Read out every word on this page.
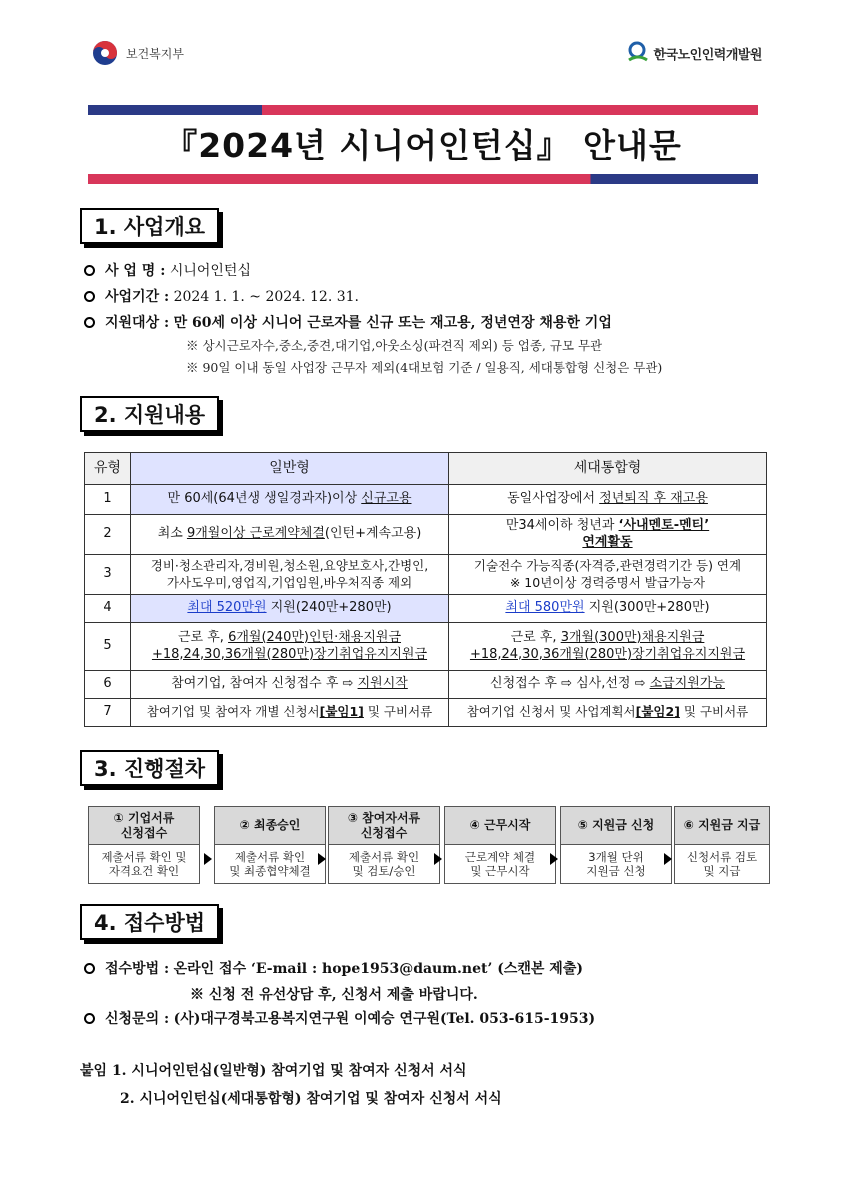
보건복지부	한국노인인력개발원
『2024년 시니어인턴십』 안내문
1. 사업개요
사 업 명 : 시니어인턴십
사업기간 : 2024 1. 1. ~ 2024. 12. 31.
지원대상 : 만 60세 이상 시니어 근로자를 신규 또는 재고용, 정년연장 채용한 기업
※ 상시근로자수,중소,중견,대기업,아웃소싱(파견직 제외) 등 업종, 규모 무관
※ 90일 이내 동일 사업장 근무자 제외(4대보험 기준 / 일용직, 세대통합형 신청은 무관)
2. 지원내용
유형	일반형	세대통합형
1	만 60세(64년생 생일경과자)이상 신규고용	동일사업장에서 정년퇴직 후 재고용
2	최소 9개월이상 근로계약체결(인턴+계속고용)	만34세이하 청년과 ‘사내멘토-멘티’
연계활동
3	경비·청소관리자,경비원,청소원,요양보호사,간병인,
가사도우미,영업직,기업임원,바우처직종 제외	기술전수 가능직종(자격증,관련경력기간 등) 연계
※ 10년이상 경력증명서 발급가능자
4	최대 520만원 지원(240만+280만)	최대 580만원 지원(300만+280만)
5	근로 후, 6개월(240만)인턴·채용지원금
+18,24,30,36개월(280만)장기취업유지지원금	근로 후, 3개월(300만)채용지원금
+18,24,30,36개월(280만)장기취업유지지원금
6	참여기업, 참여자 신청접수 후 ⇨ 지원시작	신청접수 후 ⇨ 심사,선정 ⇨ 소급지원가능
7	참여기업 및 참여자 개별 신청서[붙임1] 및 구비서류	참여기업 신청서 및 사업계획서[붙임2] 및 구비서류
3. 진행절차
① 기업서류
신청접수
제출서류 확인 및
자격요건 확인
② 최종승인
제출서류 확인
및 최종협약체결
③ 참여자서류
신청접수
제출서류 확인
및 검토/승인
④ 근무시작
근로계약 체결
및 근무시작
⑤ 지원금 신청
3개월 단위
지원금 신청
⑥ 지원금 지급
신청서류 검토
및 지급
4. 접수방법
접수방법 : 온라인 접수 ‘E-mail : hope1953@daum.net’ (스캔본 제출)
※ 신청 전 유선상담 후, 신청서 제출 바랍니다.
신청문의 : (사)대구경북고용복지연구원 이예승 연구원(Tel. 053-615-1953)
붙임 1. 시니어인턴십(일반형) 참여기업 및 참여자 신청서 서식
2. 시니어인턴십(세대통합형) 참여기업 및 참여자 신청서 서식
